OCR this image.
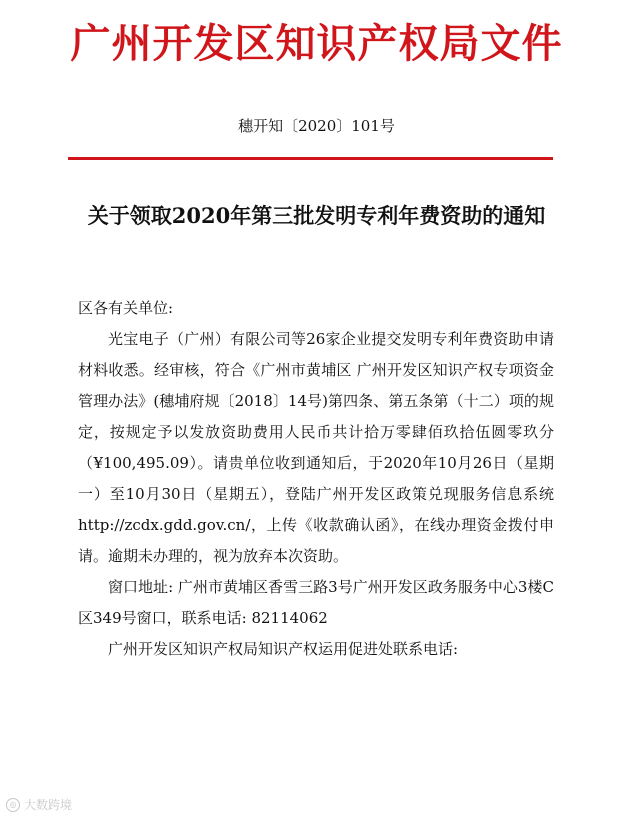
广州开发区知识产权局文件
穗开知〔2020〕101号
关于领取2020年第三批发明专利年费资助的通知

区各有关单位:

光宝电子（广州）有限公司等26家企业提交发明专利年费资助申请材料收悉。经审核，符合《广州市黄埔区 广州开发区知识产权专项资金管理办法》(穗埔府规〔2018〕14号)第四条、第五条第（十二）项的规定，按规定予以发放资助费用人民币共计拾万零肆佰玖拾伍圆零玖分（¥100,495.09）。请贵单位收到通知后，于2020年10月26日（星期一）至10月30日（星期五），登陆广州开发区政策兑现服务信息系统 http://zcdx.gdd.gov.cn/，上传《收款确认函》，在线办理资金拨付申请。逾期未办理的，视为放弃本次资助。

窗口地址: 广州市黄埔区香雪三路3号广州开发区政务服务中心3楼C区349号窗口，联系电话: 82114062

广州开发区知识产权局知识产权运用促进处联系电话:

◎ 大数跨境
